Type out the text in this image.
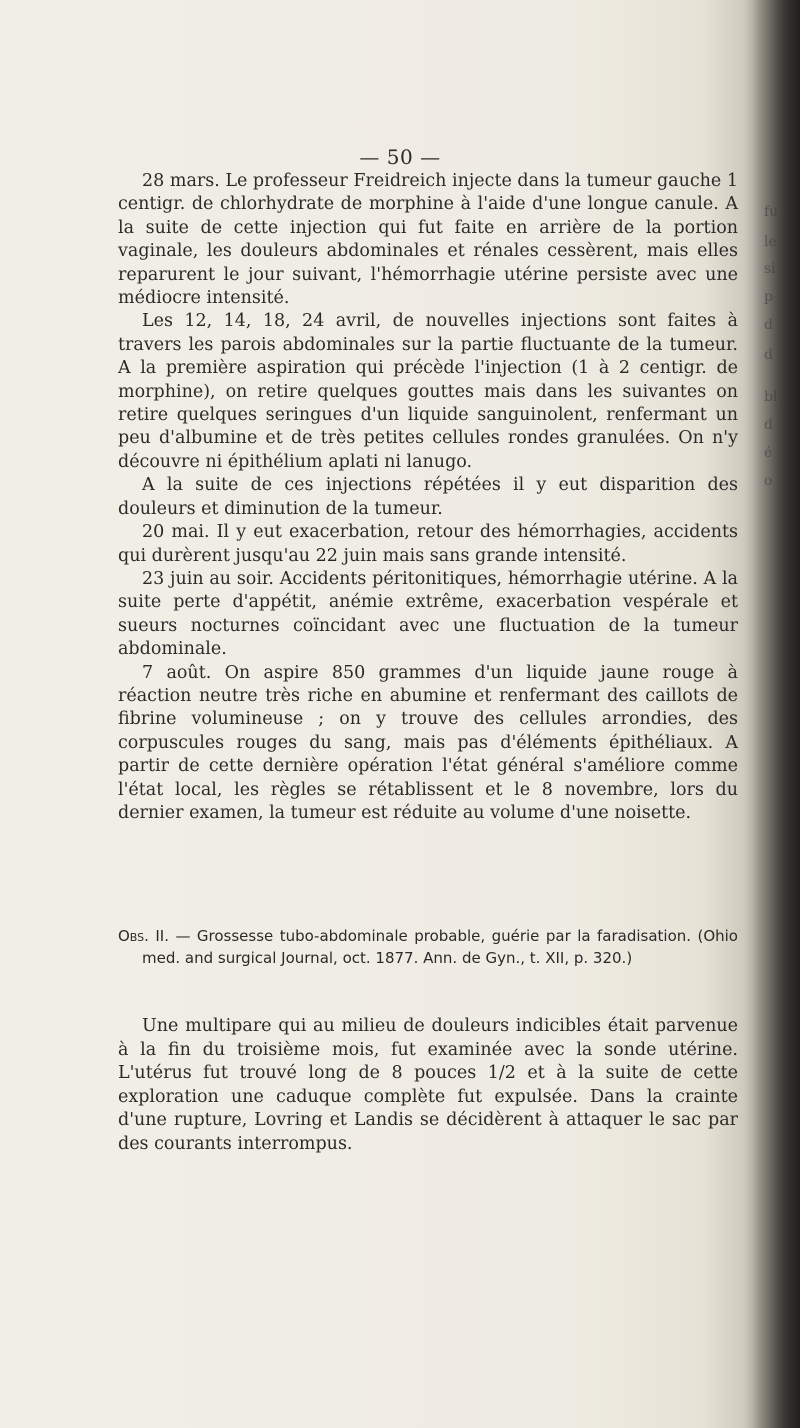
fu
le
si
p
d
d
bl
d
é
o
— 50 —

28 mars. Le professeur Freidreich injecte dans la tumeur gauche 1 centigr. de chlorhydrate de morphine à l'aide d'une longue canule. A la suite de cette injection qui fut faite en arrière de la portion vaginale, les douleurs abdominales et rénales cessèrent, mais elles reparurent le jour suivant, l'hémorrhagie utérine persiste avec une médiocre intensité.

Les 12, 14, 18, 24 avril, de nouvelles injections sont faites à travers les parois abdominales sur la partie fluctuante de la tumeur. A la première aspiration qui précède l'injection (1 à 2 centigr. de morphine), on retire quelques gouttes mais dans les suivantes on retire quelques seringues d'un liquide sanguinolent, renfermant un peu d'albumine et de très petites cellules rondes granulées. On n'y découvre ni épithélium aplati ni lanugo.

A la suite de ces injections répétées il y eut disparition des douleurs et diminution de la tumeur.

20 mai. Il y eut exacerbation, retour des hémorrhagies, accidents qui durèrent jusqu'au 22 juin mais sans grande intensité.

23 juin au soir. Accidents péritonitiques, hémorrhagie utérine. A la suite perte d'appétit, anémie extrême, exacerbation vespérale et sueurs nocturnes coïncidant avec une fluctuation de la tumeur abdominale.

7 août. On aspire 850 grammes d'un liquide jaune rouge à réaction neutre très riche en abumine et renfermant des caillots de fibrine volumineuse ; on y trouve des cellules arrondies, des corpuscules rouges du sang, mais pas d'éléments épithéliaux. A partir de cette dernière opération l'état général s'améliore comme l'état local, les règles se rétablissent et le 8 novembre, lors du dernier examen, la tumeur est réduite au volume d'une noisette.

Obs. II. — Grossesse tubo-abdominale probable, guérie par la faradisation. (Ohio med. and surgical Journal, oct. 1877. Ann. de Gyn., t. XII, p. 320.)

Une multipare qui au milieu de douleurs indicibles était parvenue à la fin du troisième mois, fut examinée avec la sonde utérine. L'utérus fut trouvé long de 8 pouces 1/2 et à la suite de cette exploration une caduque complète fut expulsée. Dans la crainte d'une rupture, Lovring et Landis se décidèrent à attaquer le sac par des courants interrompus.
